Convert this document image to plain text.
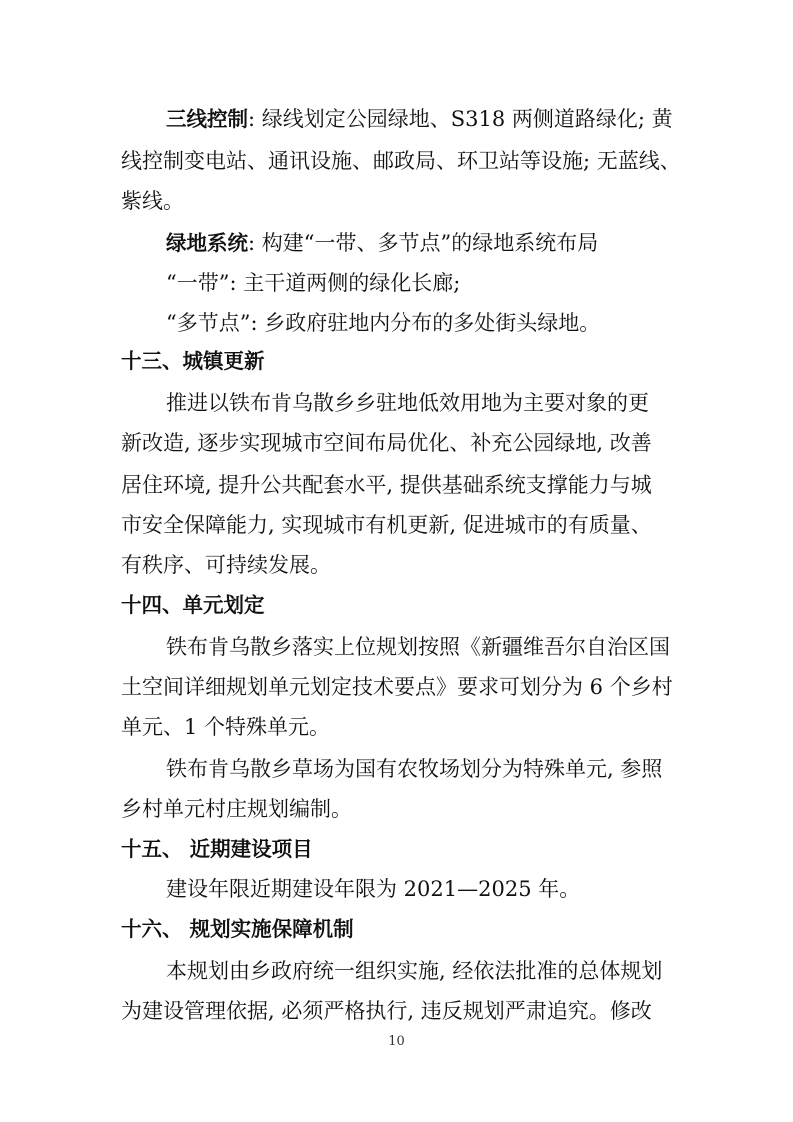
三线控制: 绿线划定公园绿地、S318 两侧道路绿化; 黄
线控制变电站、通讯设施、邮政局、环卫站等设施; 无蓝线、
紫线。
绿地系统: 构建“一带、多节点”的绿地系统布局
“一带”: 主干道两侧的绿化长廊;
“多节点”: 乡政府驻地内分布的多处街头绿地。
十三、城镇更新
推进以铁布肯乌散乡乡驻地低效用地为主要对象的更
新改造, 逐步实现城市空间布局优化、补充公园绿地, 改善
居住环境, 提升公共配套水平, 提供基础系统支撑能力与城
市安全保障能力, 实现城市有机更新, 促进城市的有质量、
有秩序、可持续发展。
十四、单元划定
铁布肯乌散乡落实上位规划按照《新疆维吾尔自治区国
土空间详细规划单元划定技术要点》要求可划分为 6 个乡村
单元、1 个特殊单元。
铁布肯乌散乡草场为国有农牧场划分为特殊单元, 参照
乡村单元村庄规划编制。
十五、 近期建设项目
建设年限近期建设年限为 2021—2025 年。
十六、 规划实施保障机制
本规划由乡政府统一组织实施, 经依法批准的总体规划
为建设管理依据, 必须严格执行, 违反规划严肃追究。修改
10
